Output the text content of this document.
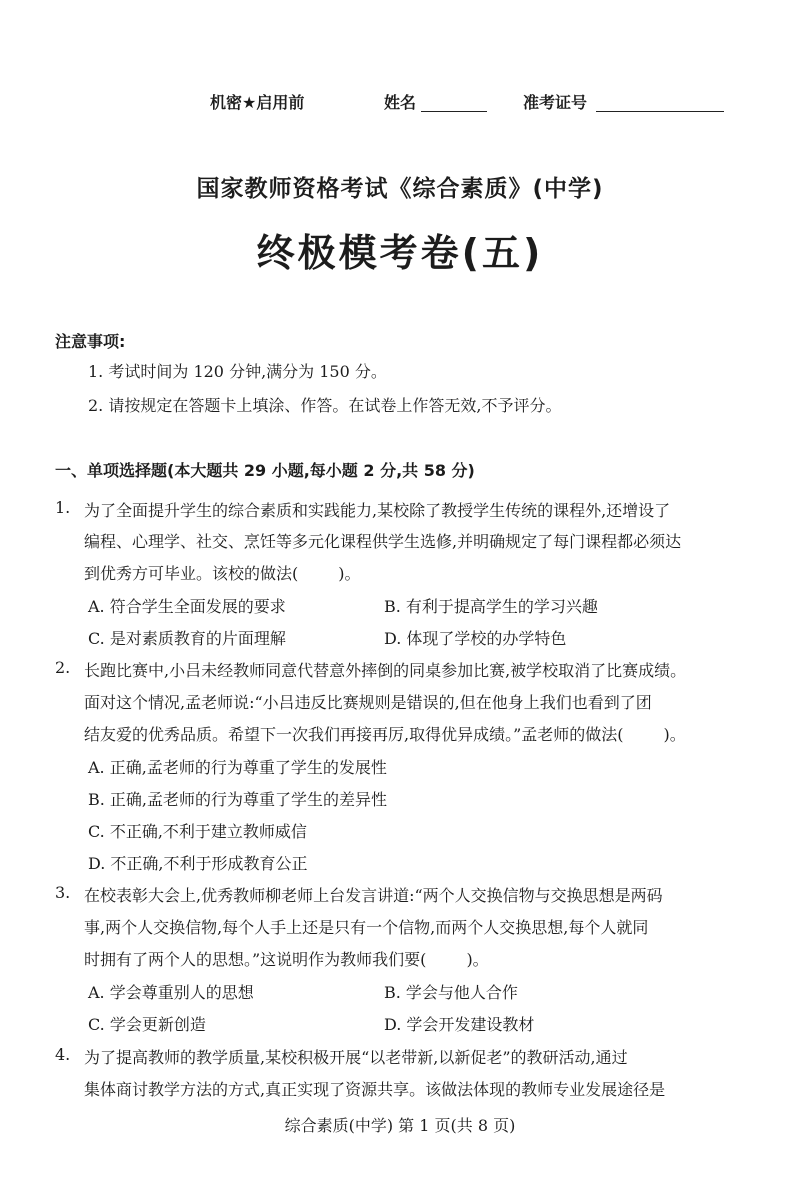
机密★启用前	姓名	准考证号
国家教师资格考试《综合素质》(中学)
终极模考卷(五)
注意事项:
1. 考试时间为 120 分钟,满分为 150 分。
2. 请按规定在答题卡上填涂、作答。在试卷上作答无效,不予评分。
一、单项选择题(本大题共 29 小题,每小题 2 分,共 58 分)
1. 为了全面提升学生的综合素质和实践能力,某校除了教授学生传统的课程外,还增设了
编程、心理学、社交、烹饪等多元化课程供学生选修,并明确规定了每门课程都必须达
到优秀方可毕业。该校的做法(	)。
A. 符合学生全面发展的要求	B. 有利于提高学生的学习兴趣
C. 是对素质教育的片面理解	D. 体现了学校的办学特色
2. 长跑比赛中,小吕未经教师同意代替意外摔倒的同桌参加比赛,被学校取消了比赛成绩。
面对这个情况,孟老师说:“小吕违反比赛规则是错误的,但在他身上我们也看到了团
结友爱的优秀品质。希望下一次我们再接再厉,取得优异成绩。”孟老师的做法(	)。
A. 正确,孟老师的行为尊重了学生的发展性
B. 正确,孟老师的行为尊重了学生的差异性
C. 不正确,不利于建立教师威信
D. 不正确,不利于形成教育公正
3. 在校表彰大会上,优秀教师柳老师上台发言讲道:“两个人交换信物与交换思想是两码
事,两个人交换信物,每个人手上还是只有一个信物,而两个人交换思想,每个人就同
时拥有了两个人的思想。”这说明作为教师我们要(	)。
A. 学会尊重别人的思想	B. 学会与他人合作
C. 学会更新创造	D. 学会开发建设教材
4. 为了提高教师的教学质量,某校积极开展“以老带新,以新促老”的教研活动,通过
集体商讨教学方法的方式,真正实现了资源共享。该做法体现的教师专业发展途径是
综合素质(中学) 第 1 页(共 8 页)
